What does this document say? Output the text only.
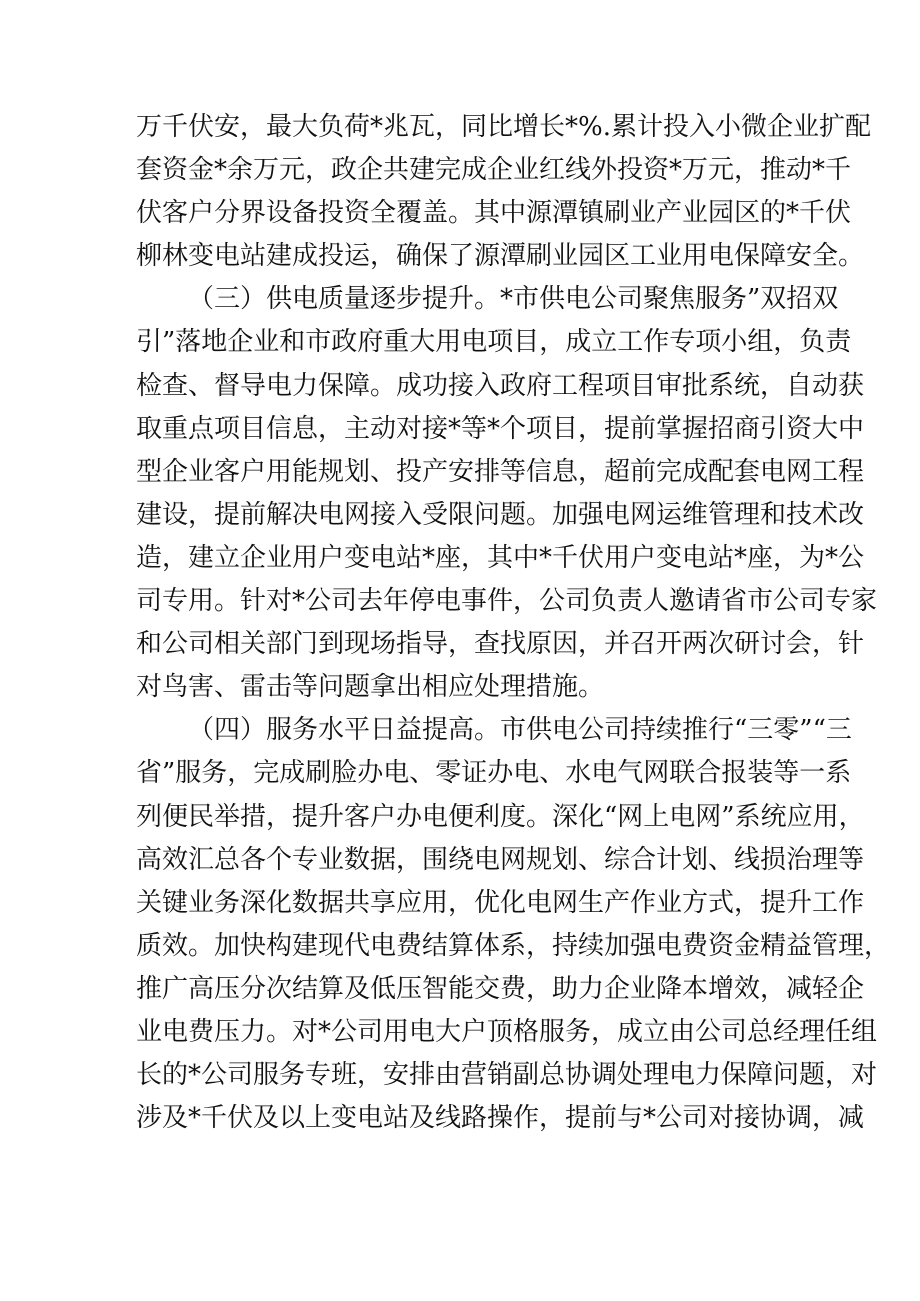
万千伏安，最大负荷*兆瓦，同比增长*%.累计投入小微企业扩配
套资金*余万元，政企共建完成企业红线外投资*万元，推动*千
伏客户分界设备投资全覆盖。其中源潭镇刷业产业园区的*千伏
柳林变电站建成投运，确保了源潭刷业园区工业用电保障安全。
（三）供电质量逐步提升。*市供电公司聚焦服务”双招双
引”落地企业和市政府重大用电项目，成立工作专项小组，负责
检查、督导电力保障。成功接入政府工程项目审批系统，自动获
取重点项目信息，主动对接*等*个项目，提前掌握招商引资大中
型企业客户用能规划、投产安排等信息，超前完成配套电网工程
建设，提前解决电网接入受限问题。加强电网运维管理和技术改
造，建立企业用户变电站*座，其中*千伏用户变电站*座，为*公
司专用。针对*公司去年停电事件，公司负责人邀请省市公司专家
和公司相关部门到现场指导，查找原因，并召开两次研讨会，针
对鸟害、雷击等问题拿出相应处理措施。
（四）服务水平日益提高。市供电公司持续推行“三零”“三
省”服务，完成刷脸办电、零证办电、水电气网联合报装等一系
列便民举措，提升客户办电便利度。深化“网上电网”系统应用，
高效汇总各个专业数据，围绕电网规划、综合计划、线损治理等
关键业务深化数据共享应用，优化电网生产作业方式，提升工作
质效。加快构建现代电费结算体系，持续加强电费资金精益管理，
推广高压分次结算及低压智能交费，助力企业降本增效，减轻企
业电费压力。对*公司用电大户顶格服务，成立由公司总经理任组
长的*公司服务专班，安排由营销副总协调处理电力保障问题，对
涉及*千伏及以上变电站及线路操作，提前与*公司对接协调，减
